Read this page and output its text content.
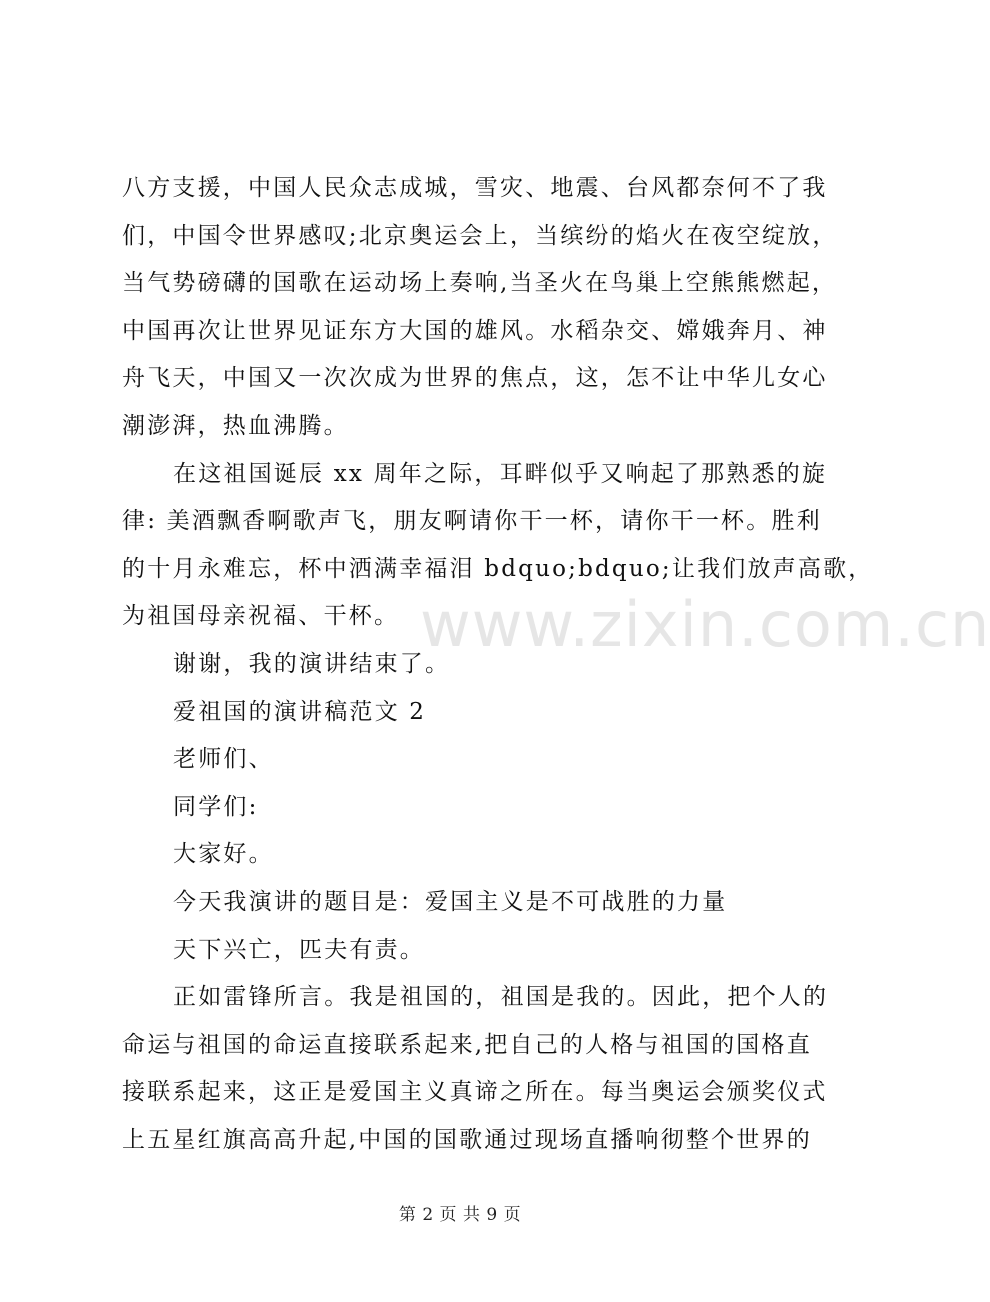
www.zixin.com.cn
八方支援，中国人民众志成城，雪灾、地震、台风都奈何不了我
们，中国令世界感叹;北京奥运会上，当缤纷的焰火在夜空绽放，
当气势磅礴的国歌在运动场上奏响,当圣火在鸟巢上空熊熊燃起，
中国再次让世界见证东方大国的雄风。水稻杂交、嫦娥奔月、神
舟飞天，中国又一次次成为世界的焦点，这，怎不让中华儿女心
潮澎湃，热血沸腾。
在这祖国诞辰 xx 周年之际，耳畔似乎又响起了那熟悉的旋
律: 美酒飘香啊歌声飞，朋友啊请你干一杯，请你干一杯。胜利
的十月永难忘，杯中洒满幸福泪 bdquo;bdquo;让我们放声高歌，
为祖国母亲祝福、干杯。
谢谢，我的演讲结束了。
爱祖国的演讲稿范文 2
老师们、
同学们:
大家好。
今天我演讲的题目是：爱国主义是不可战胜的力量
天下兴亡，匹夫有责。
正如雷锋所言。我是祖国的，祖国是我的。因此，把个人的
命运与祖国的命运直接联系起来,把自己的人格与祖国的国格直
接联系起来，这正是爱国主义真谛之所在。每当奥运会颁奖仪式
上五星红旗高高升起,中国的国歌通过现场直播响彻整个世界的
第 2 页 共 9 页
